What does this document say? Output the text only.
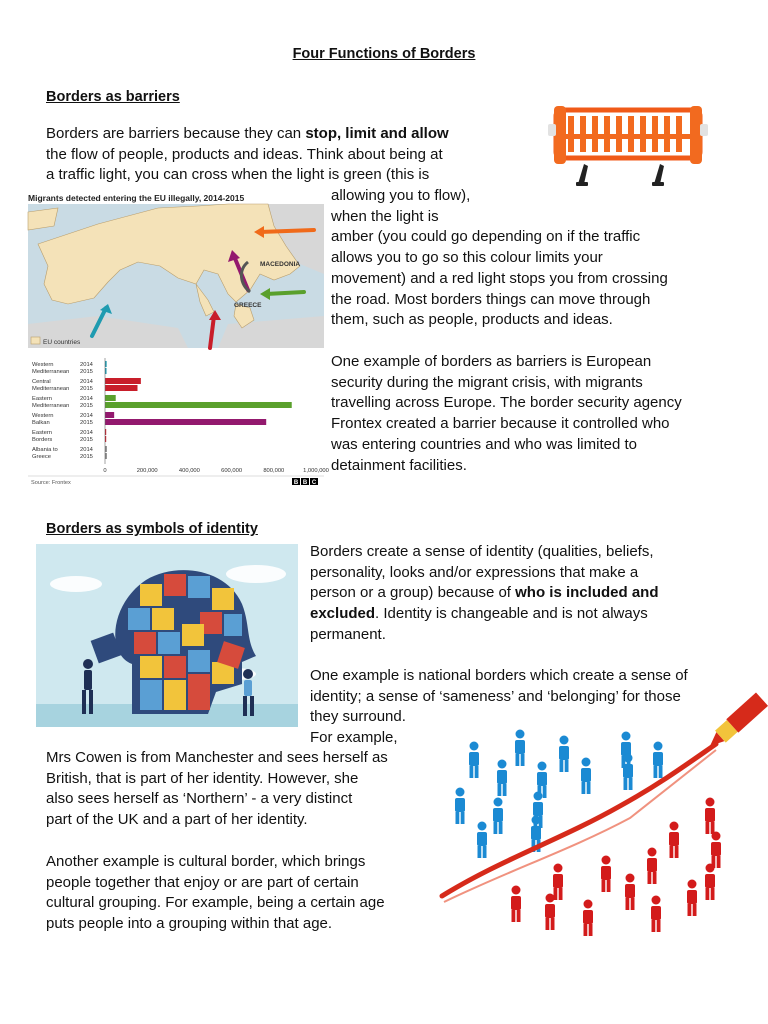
Four Functions of Borders
Borders as barriers

Borders are barriers because they can stop, limit and allow

the flow of people, products and ideas. Think about being at

a traffic light, you can cross when the light is green (this is

allowing you to flow),

when the light is

amber (you could go depending on if the traffic

allows you to go so this colour limits your

movement) and a red light stops you from crossing

the road. Most borders things can move through

them, such as people, products and ideas.

One example of borders as barriers is European

security during the migrant crisis, with migrants

travelling across Europe. The border security agency

Frontex created a barrier because it controlled who

was entering countries and who was limited to

detainment facilities.

Migrants detected entering the EU illegally, 2014-2015
MACEDONIA
GREECE
EU countries
Western
Mediterranean
2014
2015
Central
Mediterranean
2014
2015
Eastern
Mediterranean
2014
2015
Western
Balkan
2014
2015
Eastern
Borders
2014
2015
Albania to
Greece
2014
2015
0	200,000	400,000	600,000	800,000	1,000,000
Source: Frontex	B B C
Borders as symbols of identity

Borders create a sense of identity (qualities, beliefs,

personality, looks and/or expressions that make a

person or a group) because of who is included and

excluded. Identity is changeable and is not always

permanent.

One example is national borders which create a sense of

identity; a sense of ‘sameness’ and ‘belonging’ for those

they surround.

For example,

Mrs Cowen is from Manchester and sees herself as

British, that is part of her identity. However, she

also sees herself as ‘Northern’ - a very distinct

part of the UK and a part of her identity.

Another example is cultural border, which brings

people together that enjoy or are part of certain

cultural grouping. For example, being a certain age

puts people into a grouping within that age.
